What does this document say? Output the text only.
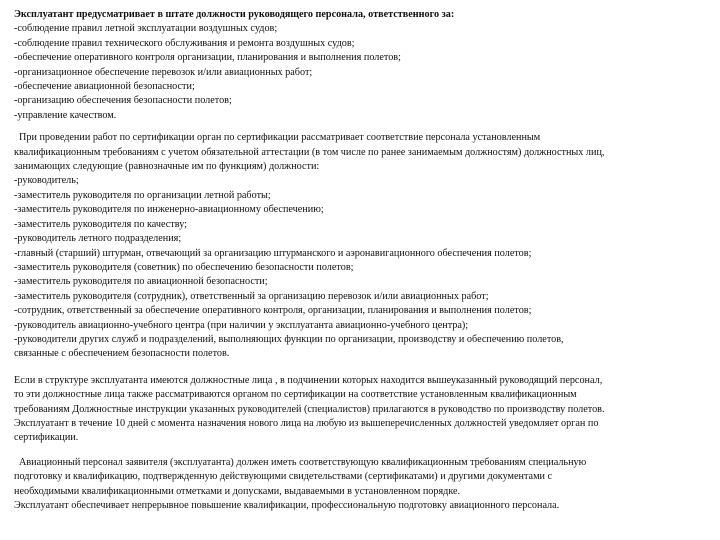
Эксплуатант предусматривает в штате должности руководящего персонала, ответственного за:
-соблюдение правил летной эксплуатации воздушных судов;
-соблюдение правил технического обслуживания и ремонта воздушных судов;
-обеспечение оперативного контроля организации, планирования и выполнения полетов;
-организационное обеспечение перевозок и/или авиационных работ;
-обеспечение авиационной безопасности;
-организацию обеспечения безопасности полетов;
-управление качеством.
При проведении работ по сертификации орган по сертификации рассматривает соответствие персонала установленным
квалификационным требованиям с учетом обязательной аттестации (в том числе по ранее занимаемым должностям) должностных лиц,
занимающих следующие (равнозначные им по функциям) должности:
-руководитель;
-заместитель руководителя по организации летной работы;
-заместитель руководителя по инженерно-авиационному обеспечению;
-заместитель руководителя по качеству;
-руководитель летного подразделения;
-главный (старший) штурман, отвечающий за организацию штурманского и аэронавигационного обеспечения полетов;
-заместитель руководителя (советник) по обеспечению безопасности полетов;
-заместитель руководителя по авиационной безопасности;
-заместитель руководителя (сотрудник), ответственный за организацию перевозок и/или авиационных работ;
-сотрудник, ответственный за обеспечение оперативного контроля, организации, планирования и выполнения полетов;
-руководитель авиационно-учебного центра (при наличии у эксплуатанта авиационно-учебного центра);
-руководители других служб и подразделений, выполняющих функции по организации, производству и обеспечению полетов,
связанные с обеспечением безопасности полетов.
Если в структуре эксплуатанта имеются должностные лица , в подчинении которых находится вышеуказанный руководящий персонал,
то эти должностные лица также рассматриваются органом по сертификации на соответствие установленным квалификационным
требованиям Должностные инструкции указанных руководителей (специалистов) прилагаются в руководство по производству полетов.
Эксплуатант в течение 10 дней с момента назначения нового лица на любую из вышеперечисленных должностей уведомляет орган по
сертификации.
Авиационный персонал заявителя (эксплуатанта) должен иметь соответствующую квалификационным требованиям специальную
подготовку и квалификацию, подтвержденную действующими свидетельствами (сертификатами) и другими документами с
необходимыми квалификационными отметками и допусками, выдаваемыми в установленном порядке.
Эксплуатант обеспечивает непрерывное повышение квалификации, профессиональную подготовку авиационного персонала.
